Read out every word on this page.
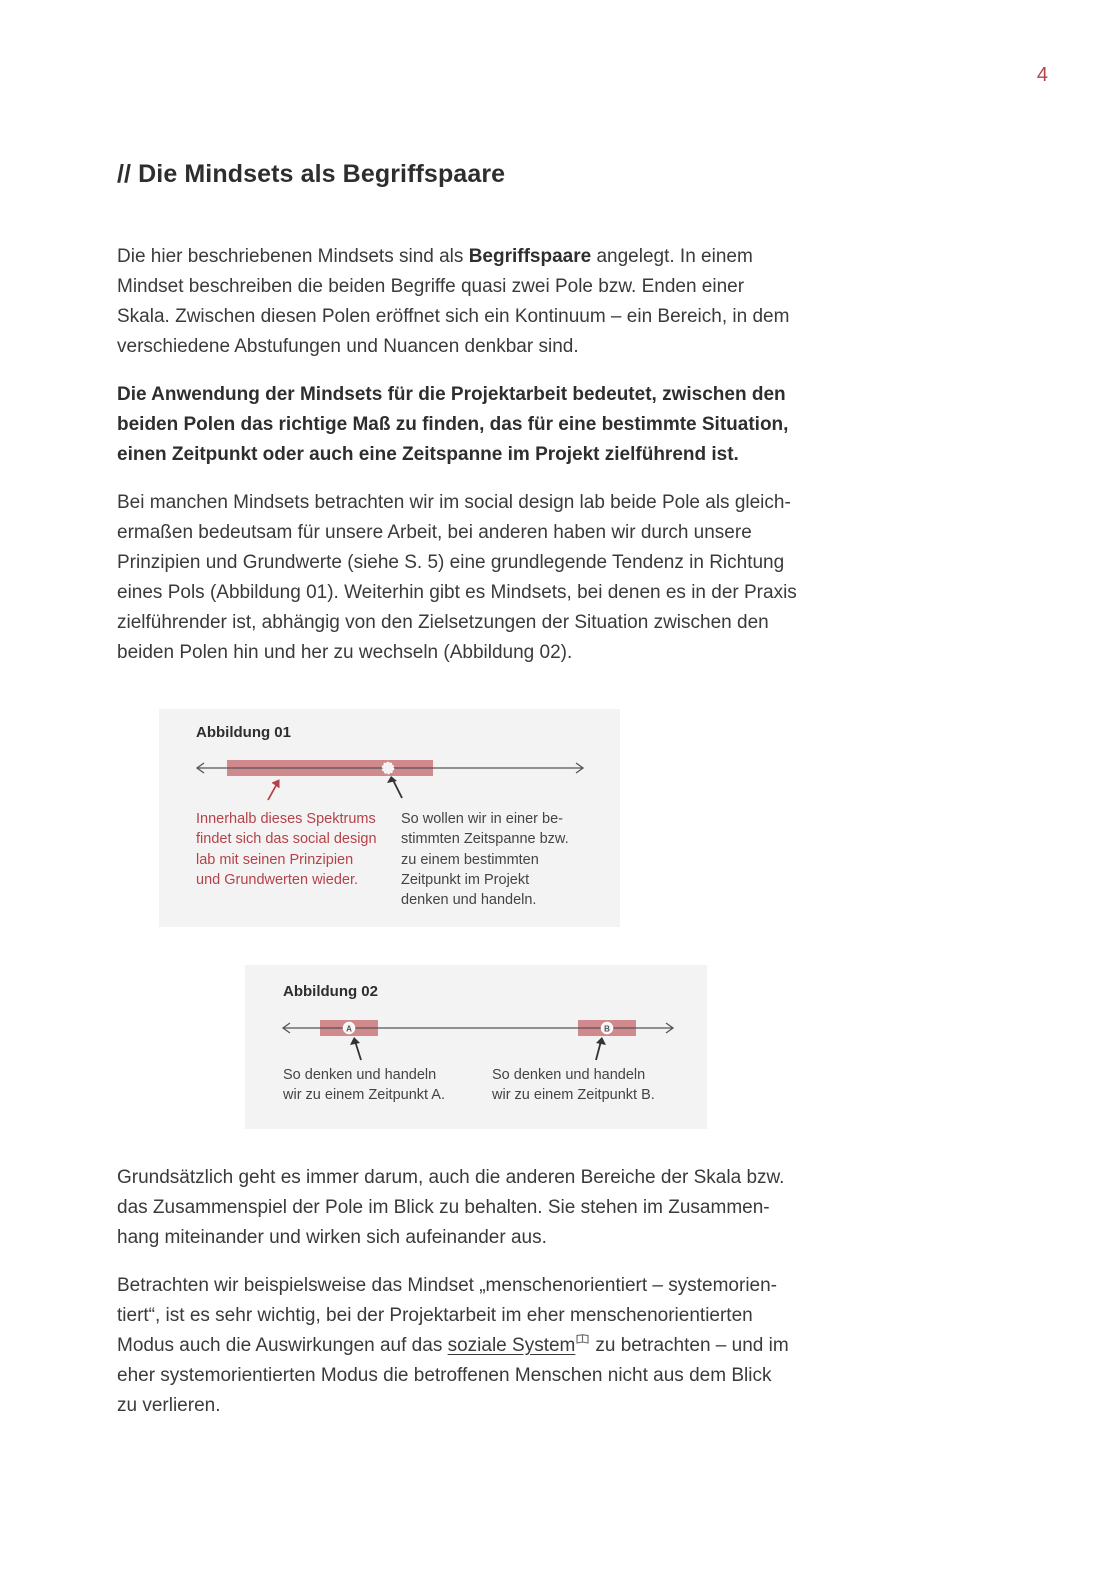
4
// Die Mindsets als Begriffspaare
Die hier beschriebenen Mindsets sind als Begriffspaare angelegt. In einem
Mindset beschreiben die beiden Begriffe quasi zwei Pole bzw. Enden einer
Skala. Zwischen diesen Polen eröffnet sich ein Kontinuum – ein Bereich, in dem
verschiedene Abstufungen und Nuancen denkbar sind.
Die Anwendung der Mindsets für die Projektarbeit bedeutet, zwischen den
beiden Polen das richtige Maß zu finden, das für eine bestimmte Situation,
einen Zeitpunkt oder auch eine Zeitspanne im Projekt zielführend ist.
Bei manchen Mindsets betrachten wir im social design lab beide Pole als gleich-
ermaßen bedeutsam für unsere Arbeit, bei anderen haben wir durch unsere
Prinzipien und Grundwerte (siehe S. 5) eine grundlegende Tendenz in Richtung
eines Pols (Abbildung 01). Weiterhin gibt es Mindsets, bei denen es in der Praxis
zielführender ist, abhängig von den Zielsetzungen der Situation zwischen den
beiden Polen hin und her zu wechseln (Abbildung 02).
Abbildung 01
Innerhalb dieses Spektrums
findet sich das social design
lab mit seinen Prinzipien
und Grundwerten wieder.
So wollen wir in einer be-
stimmten Zeitspanne bzw.
zu einem bestimmten
Zeitpunkt im Projekt
denken und handeln.
A	B
Abbildung 02
So denken und handeln
wir zu einem Zeitpunkt A.
So denken und handeln
wir zu einem Zeitpunkt B.
Grundsätzlich geht es immer darum, auch die anderen Bereiche der Skala bzw.
das Zusammenspiel der Pole im Blick zu behalten. Sie stehen im Zusammen-
hang miteinander und wirken sich aufeinander aus.
Betrachten wir beispielsweise das Mindset „menschenorientiert – systemorien-
tiert“, ist es sehr wichtig, bei der Projektarbeit im eher menschenorientierten
Modus auch die Auswirkungen auf das soziale System zu betrachten – und im
eher systemorientierten Modus die betroffenen Menschen nicht aus dem Blick
zu verlieren.
